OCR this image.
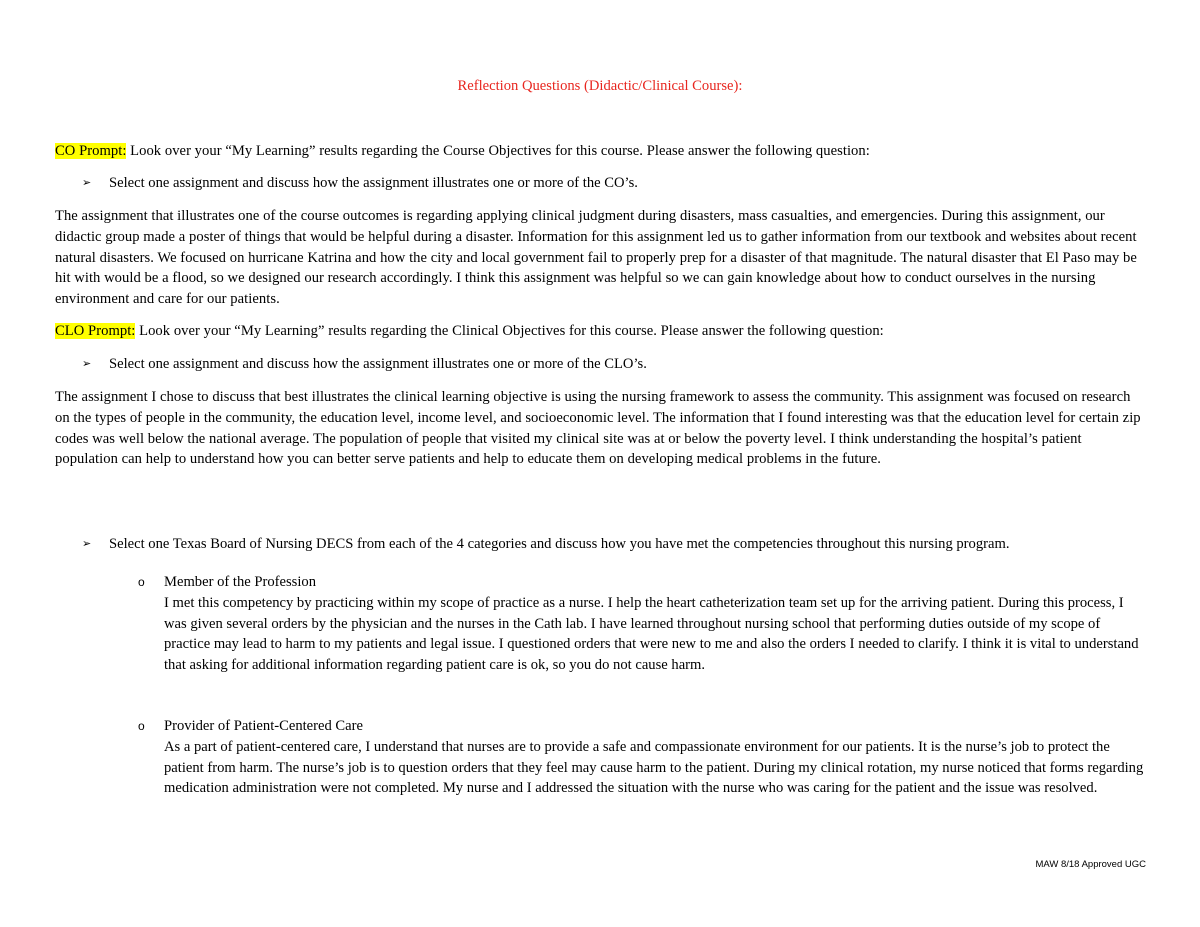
Reflection Questions (Didactic/Clinical Course):
CO Prompt: Look over your “My Learning” results regarding the Course Objectives for this course. Please answer the following question:
➢ Select one assignment and discuss how the assignment illustrates one or more of the CO’s.
The assignment that illustrates one of the course outcomes is regarding applying clinical judgment during disasters, mass casualties, and emergencies. During this assignment, our didactic group made a poster of things that would be helpful during a disaster. Information for this assignment led us to gather information from our textbook and websites about recent natural disasters. We focused on hurricane Katrina and how the city and local government fail to properly prep for a disaster of that magnitude. The natural disaster that El Paso may be hit with would be a flood, so we designed our research accordingly. I think this assignment was helpful so we can gain knowledge about how to conduct ourselves in the nursing environment and care for our patients.
CLO Prompt: Look over your “My Learning” results regarding the Clinical Objectives for this course. Please answer the following question:
➢ Select one assignment and discuss how the assignment illustrates one or more of the CLO’s.
The assignment I chose to discuss that best illustrates the clinical learning objective is using the nursing framework to assess the community. This assignment was focused on research on the types of people in the community, the education level, income level, and socioeconomic level. The information that I found interesting was that the education level for certain zip codes was well below the national average. The population of people that visited my clinical site was at or below the poverty level. I think understanding the hospital’s patient population can help to understand how you can better serve patients and help to educate them on developing medical problems in the future.
➢ Select one Texas Board of Nursing DECS from each of the 4 categories and discuss how you have met the competencies throughout this nursing program.
o Member of the Profession
I met this competency by practicing within my scope of practice as a nurse. I help the heart catheterization team set up for the arriving patient. During this process, I was given several orders by the physician and the nurses in the Cath lab. I have learned throughout nursing school that performing duties outside of my scope of practice may lead to harm to my patients and legal issue. I questioned orders that were new to me and also the orders I needed to clarify. I think it is vital to understand that asking for additional information regarding patient care is ok, so you do not cause harm.
o Provider of Patient-Centered Care
As a part of patient-centered care, I understand that nurses are to provide a safe and compassionate environment for our patients. It is the nurse’s job to protect the patient from harm. The nurse’s job is to question orders that they feel may cause harm to the patient. During my clinical rotation, my nurse noticed that forms regarding medication administration were not completed. My nurse and I addressed the situation with the nurse who was caring for the patient and the issue was resolved.
MAW 8/18 Approved UGC
